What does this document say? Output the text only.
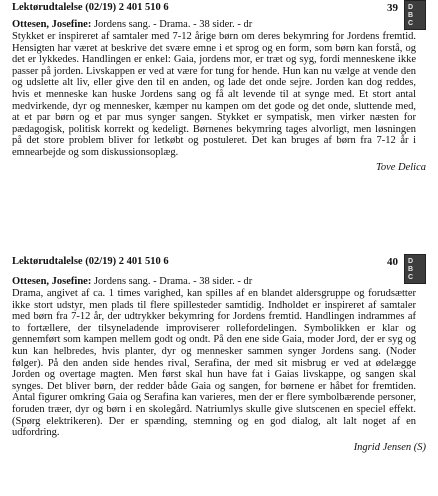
Lektørudtalelse (02/19) 2 401 510 6	39 D
B
C
Ottesen, Josefine: Jordens sang. - Drama. - 38 sider. - dr
Stykket er inspireret af samtaler med 7-12 årige børn om deres bekymring for Jordens fremtid. Hensigten har været at beskrive det svære emne i et sprog og en form, som børn kan forstå, og det er lykkedes. Handlingen er enkel: Gaia, jordens mor, er træt og syg, fordi menneskene ikke passer på jorden. Livskappen er ved at være for tung for hende. Hun kan nu vælge at vende den og udslette alt liv, eller give den til en anden, og lade det onde sejre. Jorden kan dog reddes, hvis et menneske kan huske Jordens sang og få alt levende til at synge med. Et stort antal medvirkende, dyr og mennesker, kæmper nu kampen om det gode og det onde, sluttende med, at et par børn og et par mus synger sangen. Stykket er sympatisk, men virker næsten for pædagogisk, politisk korrekt og kedeligt. Børnenes bekymring tages alvorligt, men løsningen på det store problem bliver for letkøbt og postuleret. Det kan bruges af børn fra 7-12 år i emnearbejde og som diskussionsoplæg.
Tove Delica
Lektørudtalelse (02/19) 2 401 510 6	40 D
B
C
Ottesen, Josefine: Jordens sang. - Drama. - 38 sider. - dr
Drama, angivet af ca. 1 times varighed, kan spilles af en blandet aldersgruppe og forudsætter ikke stort udstyr, men plads til flere spillesteder samtidig. Indholdet er inspireret af samtaler med børn fra 7-12 år, der udtrykker bekymring for Jordens fremtid. Handlingen indrammes af to fortællere, der tilsyneladende improviserer rollefordelingen. Symbolikken er klar og gennemført som kampen mellem godt og ondt. På den ene side Gaia, moder Jord, der er syg og kun kan helbredes, hvis planter, dyr og mennesker sammen synger Jordens sang. (Noder følger). På den anden side hendes rival, Serafina, der med sit misbrug er ved at ødelægge Jorden og overtage magten. Men først skal hun have fat i Gaias livskappe, og sangen skal synges. Det bliver børn, der redder både Gaia og sangen, for børnene er håbet for fremtiden. Antal figurer omkring Gaia og Serafina kan varieres, men der er flere symbolbærende personer, foruden træer, dyr og børn i en skolegård. Natriumlys skulle give slutscenen en speciel effekt. (Spørg elektrikeren). Der er spænding, stemning og en god dialog, alt lalt noget af en udfordring.
Ingrid Jensen (S)
